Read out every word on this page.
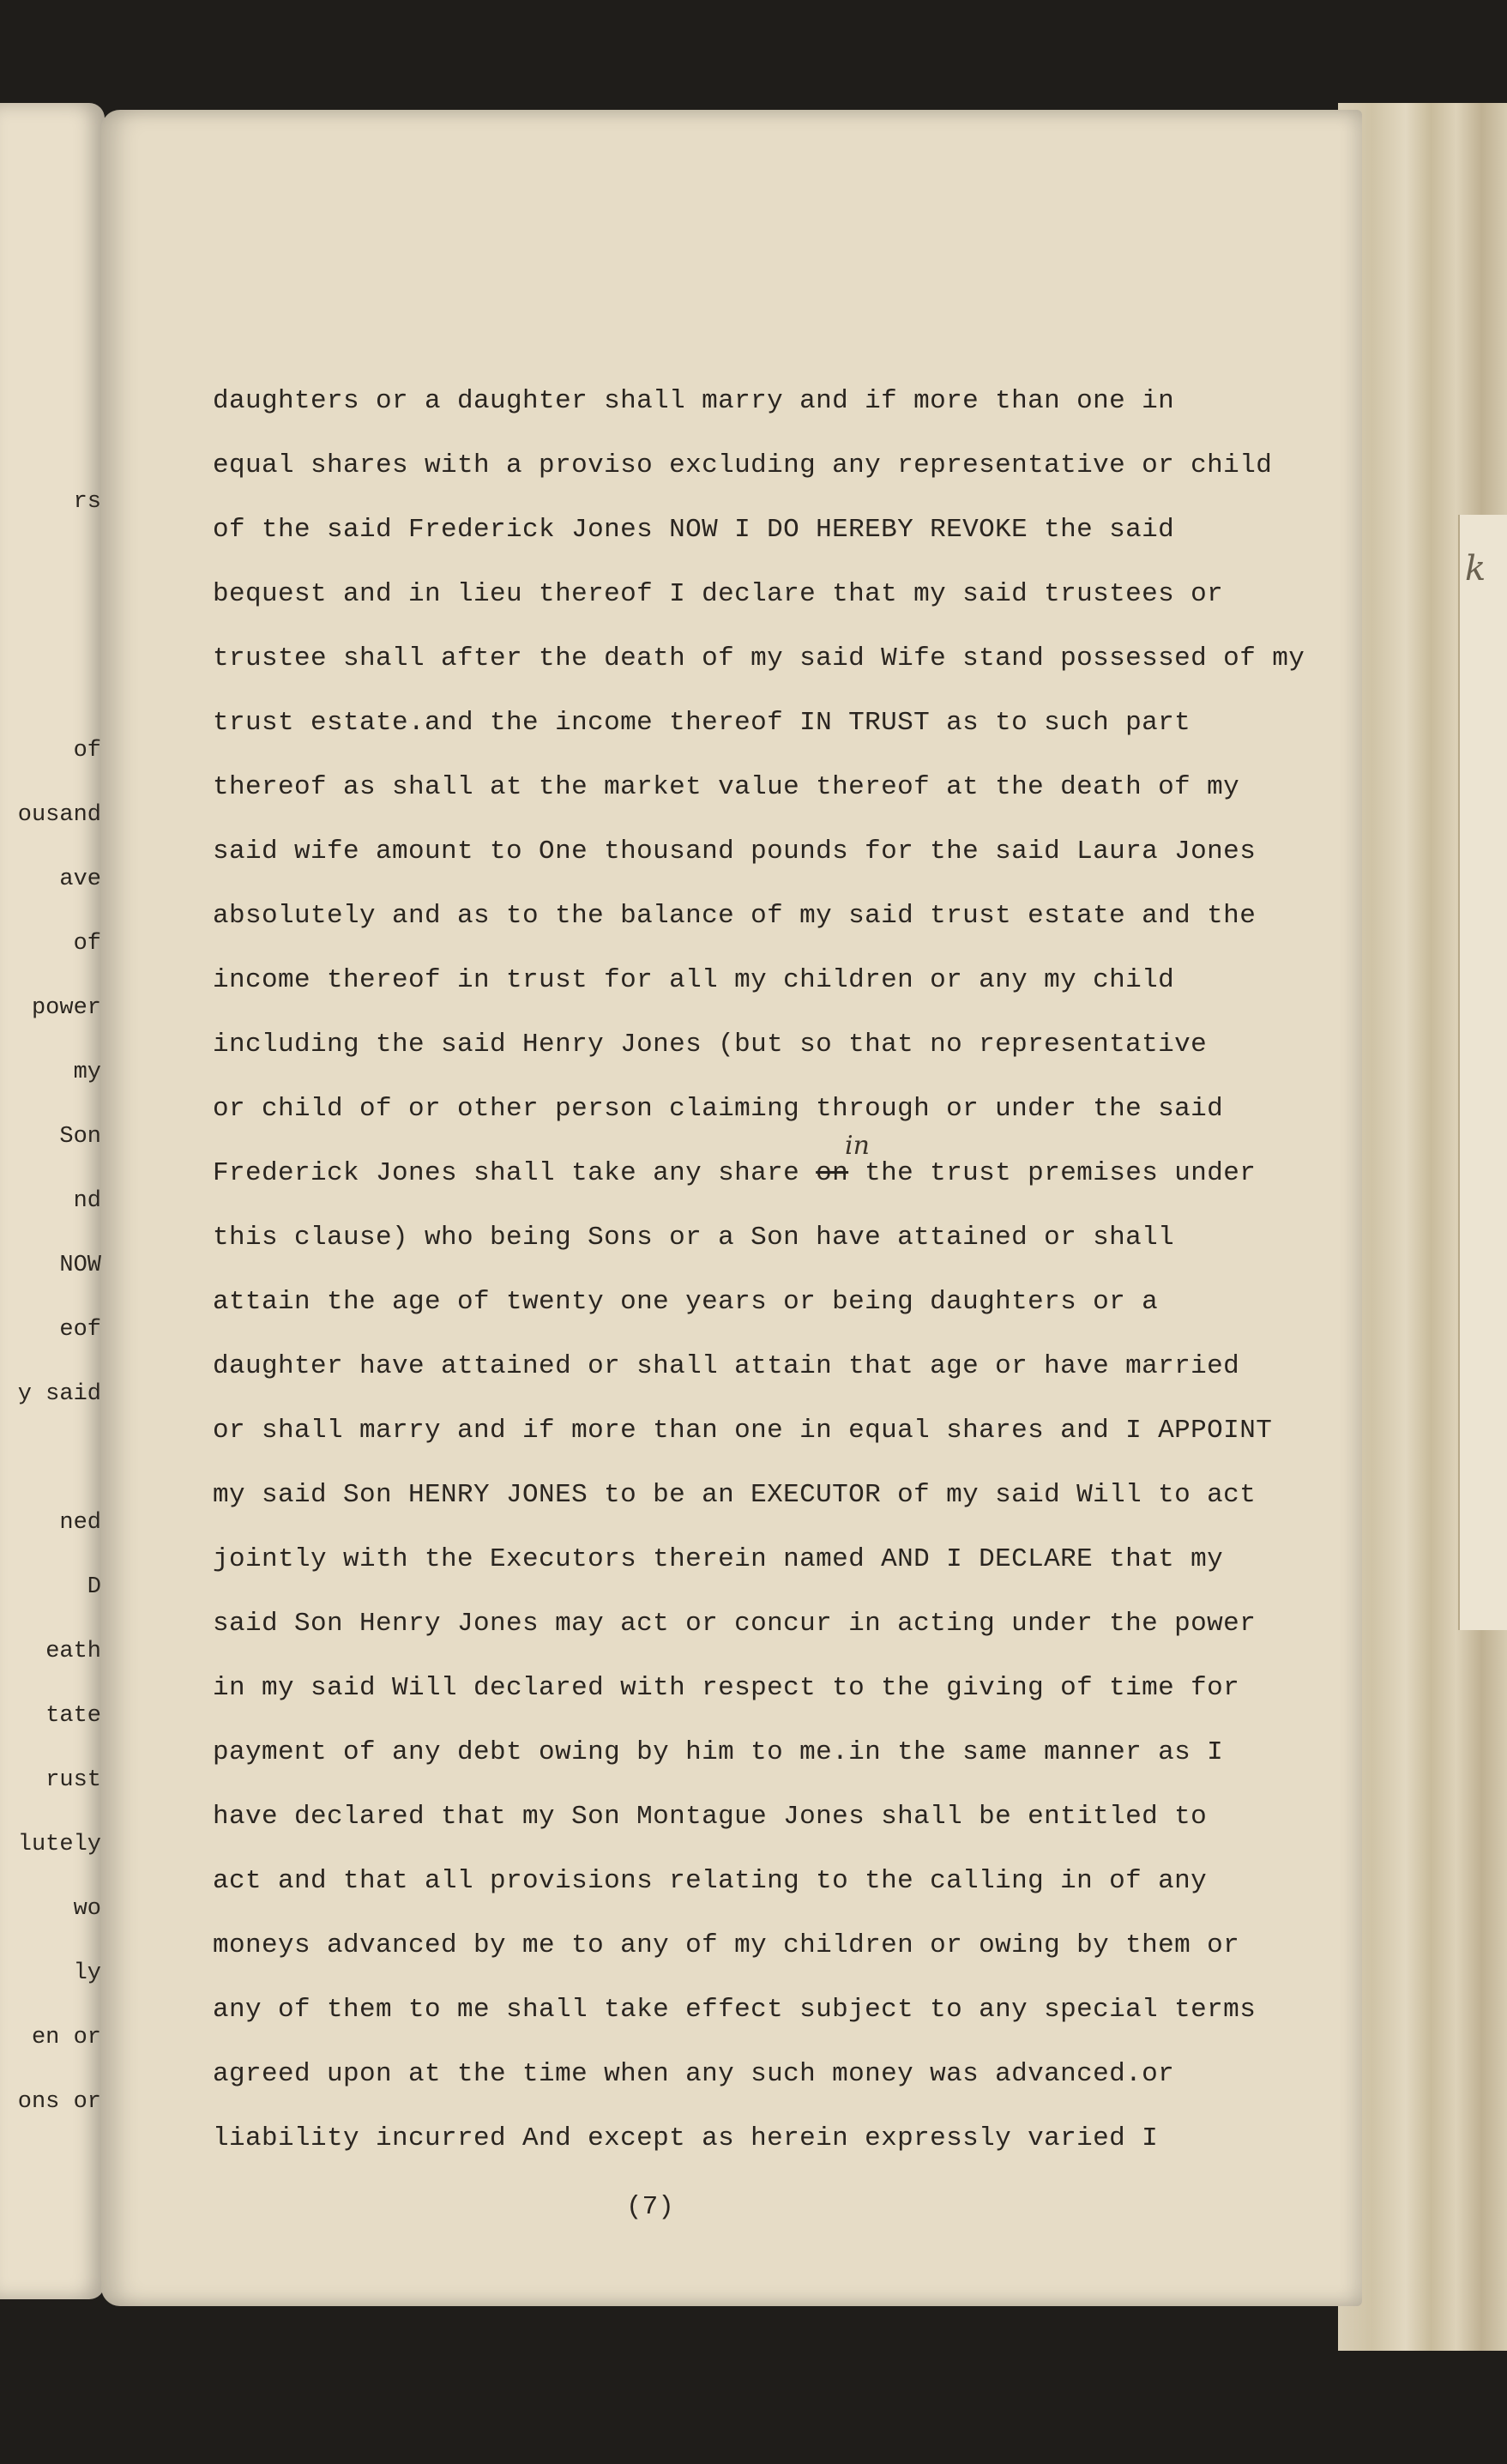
rs
of
ousand
ave
of
power
my
Son
nd
NOW
eof
y said
ned
D
eath
tate
rust
lutely
wo
ly
en or
ons or
k
daughters or a daughter shall marry and if more than one in
equal shares with a proviso excluding any representative or child
of the said Frederick Jones NOW I DO HEREBY REVOKE the said
bequest and in lieu thereof I declare that my said trustees or
trustee shall after the death of my said Wife stand possessed of my
trust estate.and the income thereof IN TRUST as to such part
thereof as shall at the market value thereof at the death of my
said wife amount to One thousand pounds for the said Laura Jones
absolutely and as to the balance of my said trust estate and the
income thereof in trust for all my children or any my child
including the said Henry Jones (but so that no representative
or child of or other person claiming through or under the said
Frederick Jones shall take any share on the trust premises under
this clause) who being Sons or a Son have attained or shall
attain the age of twenty one years or being daughters or a
daughter have attained or shall attain that age or have married
or shall marry and if more than one in equal shares and I APPOINT
my said Son HENRY JONES to be an EXECUTOR of my said Will to act
jointly with the Executors therein named AND I DECLARE that my
said Son Henry Jones may act or concur in acting under the power
in my said Will declared with respect to the giving of time for
payment of any debt owing by him to me.in the same manner as I
have declared that my Son Montague Jones shall be entitled to
act and that all provisions relating to the calling in of any
moneys advanced by me to any of my children or owing by them or
any of them to me shall take effect subject to any special terms
agreed upon at the time when any such money was advanced.or
liability incurred And except as herein expressly varied I
in
(7)
